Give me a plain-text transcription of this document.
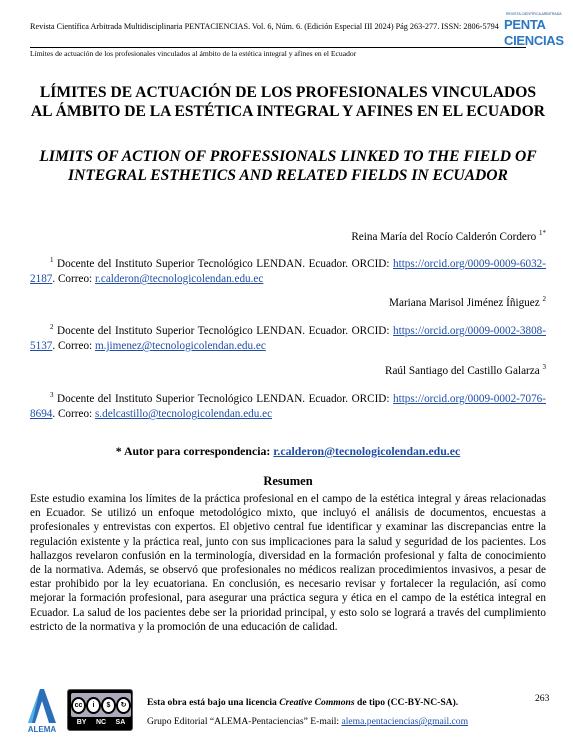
Revista Científica Arbitrada Multidisciplinaria PENTACIENCIAS. Vol. 6, Núm. 6. (Edición Especial III 2024) Pág 263-277. ISSN: 2806-5794
Límites de actuación de los profesionales vinculados al ámbito de la estética integral y afines en el Ecuador
REVISTA CIENTÍFICA ARBITRADA
PENTA
CIENCIAS
LÍMITES DE ACTUACIÓN DE LOS PROFESIONALES VINCULADOS AL ÁMBITO DE LA ESTÉTICA INTEGRAL Y AFINES EN EL ECUADOR
LIMITS OF ACTION OF PROFESSIONALS LINKED TO THE FIELD OF INTEGRAL ESTHETICS AND RELATED FIELDS IN ECUADOR
Reina María del Rocío Calderón Cordero $^{1*}$
$^1$ Docente del Instituto Superior Tecnológico LENDAN. Ecuador. ORCID: https://orcid.org/0009-0009-6032-2187. Correo: r.calderon@tecnologicolendan.edu.ec
Mariana Marisol Jiménez Íñiguez $^2$
$^2$ Docente del Instituto Superior Tecnológico LENDAN. Ecuador. ORCID: https://orcid.org/0009-0002-3808-5137. Correo: m.jimenez@tecnologicolendan.edu.ec
Raúl Santiago del Castillo Galarza $^3$
$^3$ Docente del Instituto Superior Tecnológico LENDAN. Ecuador. ORCID: https://orcid.org/0009-0002-7076-8694. Correo: s.delcastillo@tecnologicolendan.edu.ec
* Autor para correspondencia: r.calderon@tecnologicolendan.edu.ec
Resumen
Este estudio examina los límites de la práctica profesional en el campo de la estética integral y áreas relacionadas en Ecuador. Se utilizó un enfoque metodológico mixto, que incluyó el análisis de documentos, encuestas a profesionales y entrevistas con expertos. El objetivo central fue identificar y examinar las discrepancias entre la regulación existente y la práctica real, junto con sus implicaciones para la salud y seguridad de los pacientes. Los hallazgos revelaron confusión en la terminología, diversidad en la formación profesional y falta de conocimiento de la normativa. Además, se observó que profesionales no médicos realizan procedimientos invasivos, a pesar de estar prohibido por la ley ecuatoriana. En conclusión, es necesario revisar y fortalecer la regulación, así como mejorar la formación profesional, para asegurar una práctica segura y ética en el campo de la estética integral en Ecuador. La salud de los pacientes debe ser la prioridad principal, y esto solo se logrará a través del cumplimiento estricto de la normativa y la promoción de una educación de calidad.
ALEMA
cc	i	$	↻
BY NC SA
Esta obra está bajo una licencia Creative Commons de tipo (CC-BY-NC-SA).
Grupo Editorial “ALEMA-Pentaciencias” E-mail: alema.pentaciencias@gmail.com
263
